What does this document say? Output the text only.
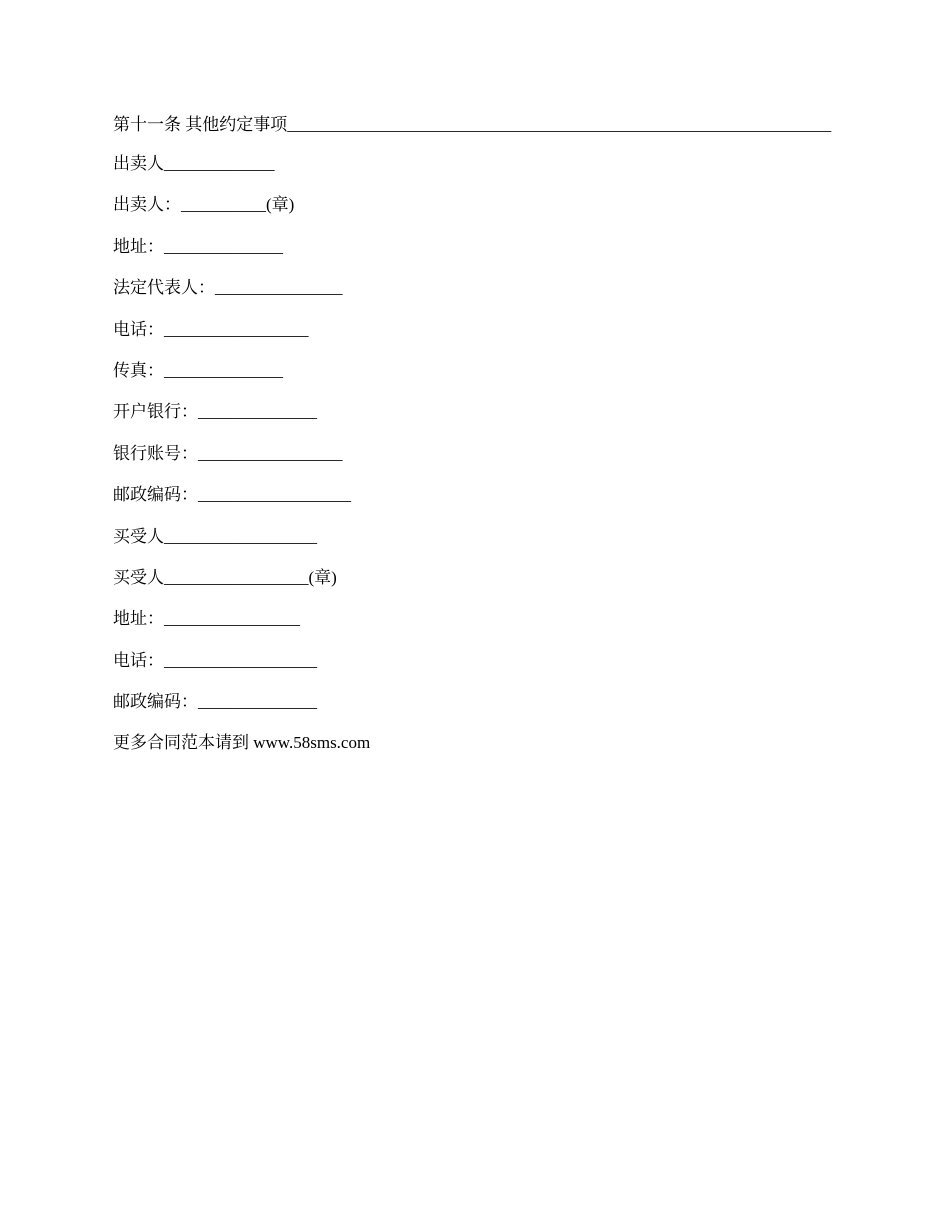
第十一条 其他约定事项________________________________________________________________
出卖人_____________
出卖人：__________(章)
地址：______________
法定代表人：_______________
电话：_________________
传真：______________
开户银行：______________
银行账号：_________________
邮政编码：__________________
买受人__________________
买受人_________________(章)
地址：________________
电话：__________________
邮政编码：______________
更多合同范本请到 www.58sms.com
